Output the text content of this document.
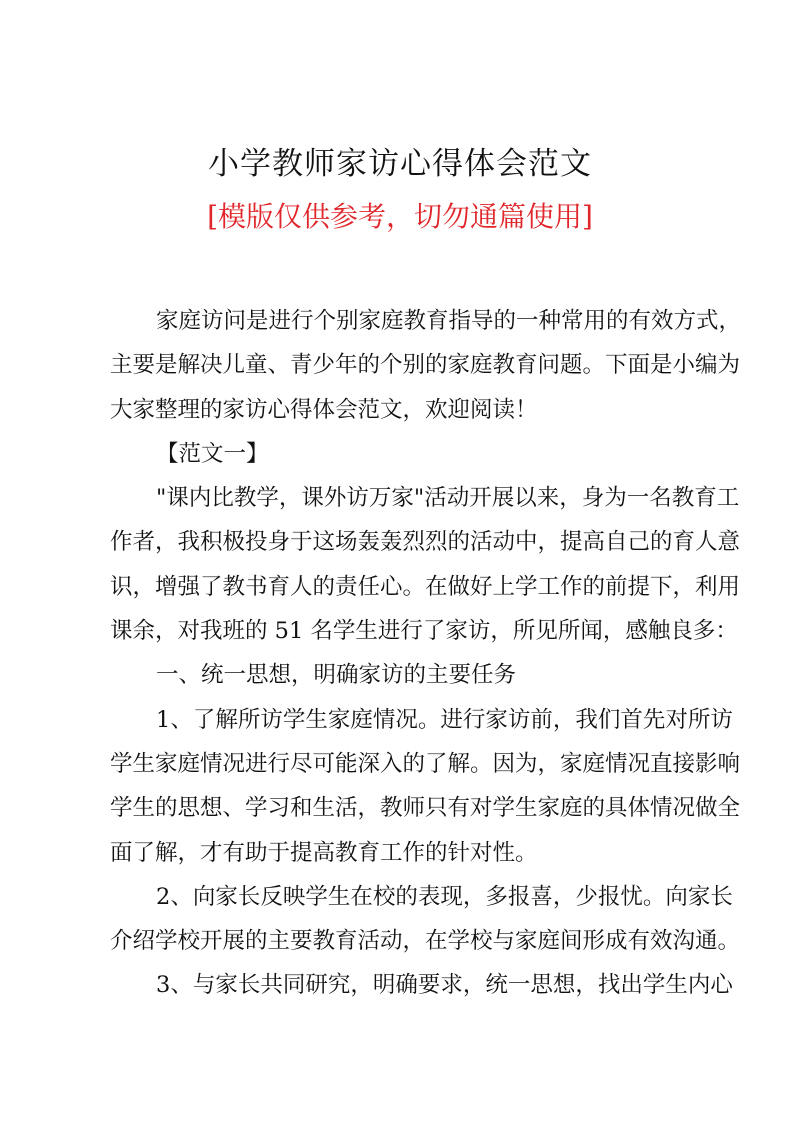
小学教师家访心得体会范文
[模版仅供参考，切勿通篇使用]
家庭访问是进行个别家庭教育指导的一种常用的有效方式，
主要是解决儿童、青少年的个别的家庭教育问题。下面是小编为
大家整理的家访心得体会范文，欢迎阅读！
【范文一】
"课内比教学，课外访万家"活动开展以来，身为一名教育工
作者，我积极投身于这场轰轰烈烈的活动中，提高自己的育人意
识，增强了教书育人的责任心。在做好上学工作的前提下，利用
课余，对我班的 51 名学生进行了家访，所见所闻，感触良多：
一、统一思想，明确家访的主要任务
1、了解所访学生家庭情况。进行家访前，我们首先对所访
学生家庭情况进行尽可能深入的了解。因为，家庭情况直接影响
学生的思想、学习和生活，教师只有对学生家庭的具体情况做全
面了解，才有助于提高教育工作的针对性。
2、向家长反映学生在校的表现，多报喜，少报忧。向家长
介绍学校开展的主要教育活动，在学校与家庭间形成有效沟通。
3、与家长共同研究，明确要求，统一思想，找出学生内心
